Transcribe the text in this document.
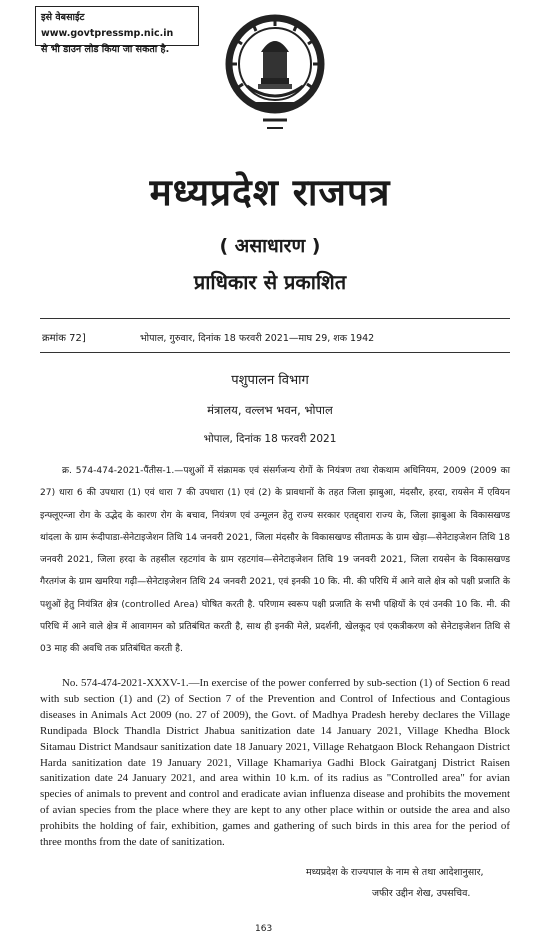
इसे वेबसाईट www.govtpressmp.nic.in
से भी डाउन लोड किया जा सकता है.
मध्यप्रदेश राजपत्र
( असाधारण )
प्राधिकार से प्रकाशित
क्रमांक 72]	भोपाल, गुरुवार, दिनांक 18 फरवरी 2021—माघ 29, शक 1942
पशुपालन विभाग
मंत्रालय, वल्लभ भवन, भोपाल
भोपाल, दिनांक 18 फरवरी 2021

क्र. 574-474-2021-पैंतीस-1.—पशुओं में संक्रामक एवं संसर्गजन्य रोगों के नियंत्रण तथा रोकथाम अधिनियम, 2009 (2009 का 27) धारा 6 की उपधारा (1) एवं धारा 7 की उपधारा (1) एवं (2) के प्रावधानों के तहत जिला झाबुआ, मंदसौर, हरदा, रायसेन में एवियन इन्फ्लूएन्जा रोग के उद्भेद के कारण रोग के बचाव, नियंत्रण एवं उन्मूलन हेतु राज्य सरकार एतद्द्वारा राज्य के, जिला झाबुआ के विकासखण्ड थांदला के ग्राम रूंदीपाडा-सेनेटाइजेशन तिथि 14 जनवरी 2021, जिला मंदसौर के विकासखण्ड सीतामऊ के ग्राम खेड़ा—सेनेटाइजेशन तिथि 18 जनवरी 2021, जिला हरदा के तहसील रहटगांव के ग्राम रहटगांव—सेनेटाइजेशन तिथि 19 जनवरी 2021, जिला रायसेन के विकासखण्ड गैरतगंज के ग्राम खमरिया गढ़ी—सेनेटाइजेशन तिथि 24 जनवरी 2021, एवं इनकी 10 कि. मी. की परिधि में आने वाले क्षेत्र को पक्षी प्रजाति के पशुओं हेतु नियंत्रित क्षेत्र (controlled Area) घोषित करती है. परिणाम स्वरूप पक्षी प्रजाति के सभी पक्षियों के एवं उनकी 10 कि. मी. की परिधि में आने वाले क्षेत्र में आवागमन को प्रतिबंधित करती है, साथ ही इनकी मेले, प्रदर्शनी, खेलकूद एवं एकत्रीकरण को सेनेटाइजेशन तिथि से 03 माह की अवधि तक प्रतिबंधित करती है.

No. 574-474-2021-XXXV-1.—In exercise of the power conferred by sub-section (1) of Section 6 read with sub section (1) and (2) of Section 7 of the Prevention and Control of Infectious and Contagious diseases in Animals Act 2009 (no. 27 of 2009), the Govt. of Madhya Pradesh hereby declares the Village Rundipada Block Thandla District Jhabua sanitization date 14 January 2021, Village Khedha Block Sitamau District Mandsaur sanitization date 18 January 2021, Village Rehatgaon Block Rehangaon District Harda sanitization date 19 January 2021, Village Khamariya Gadhi Block Gairatganj District Raisen sanitization date 24 January 2021, and area within 10 k.m. of its radius as "Controlled area" for avian species of animals to prevent and control and eradicate avian influenza disease and prohibits the movement of avian species from the place where they are kept to any other place within or outside the area and also prohibits the holding of fair, exhibition, games and gathering of such birds in this area for the period of three months from the date of sanitization.

मध्यप्रदेश के राज्यपाल के नाम से तथा आदेशानुसार,
जफीर उद्दीन शेख, उपसचिव.
163
